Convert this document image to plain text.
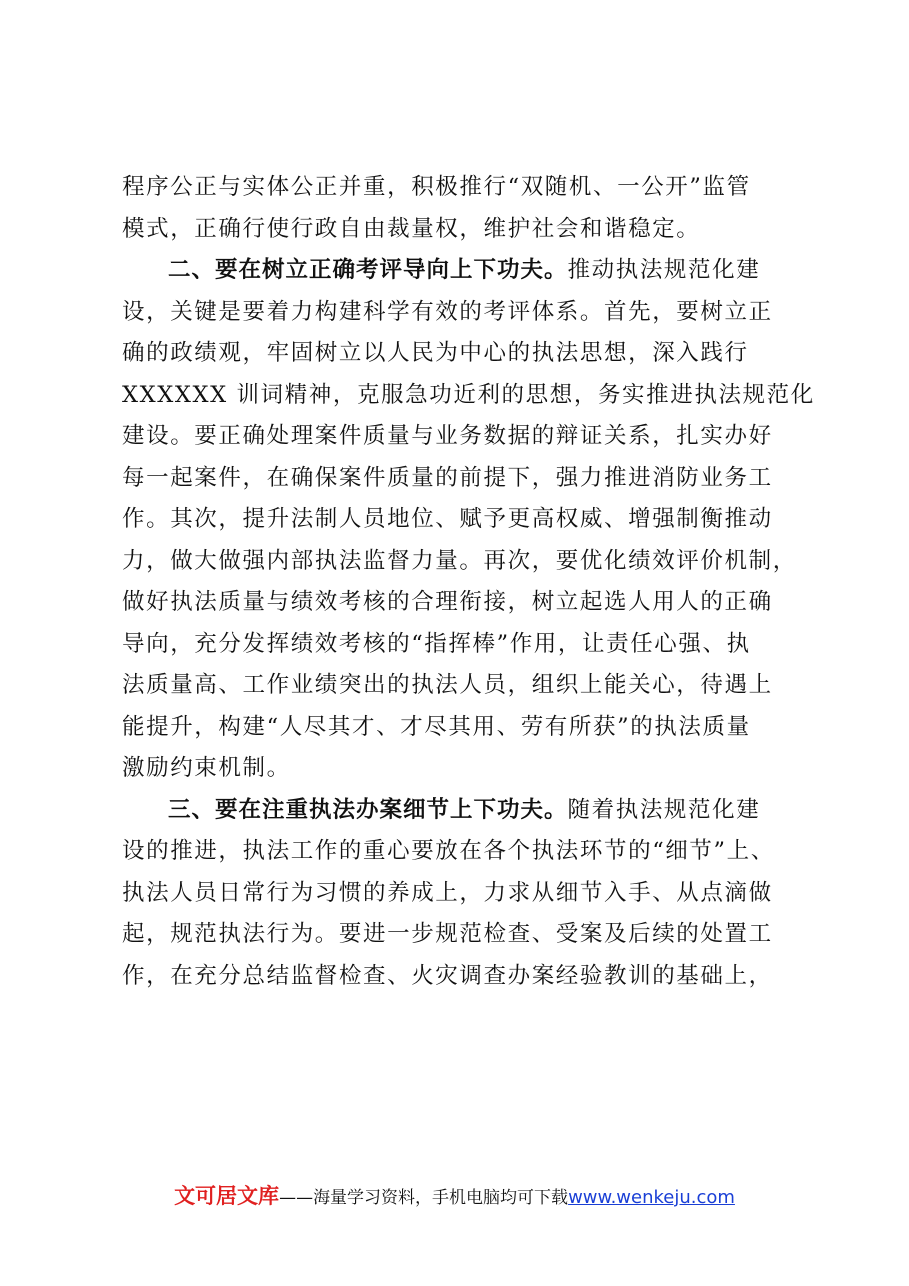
程序公正与实体公正并重，积极推行“双随机、一公开”监管
模式，正确行使行政自由裁量权，维护社会和谐稳定。
二、要在树立正确考评导向上下功夫。推动执法规范化建
设，关键是要着力构建科学有效的考评体系。首先，要树立正
确的政绩观，牢固树立以人民为中心的执法思想，深入践行
XXXXXX 训词精神，克服急功近利的思想，务实推进执法规范化
建设。要正确处理案件质量与业务数据的辩证关系，扎实办好
每一起案件，在确保案件质量的前提下，强力推进消防业务工
作。其次，提升法制人员地位、赋予更高权威、增强制衡推动
力，做大做强内部执法监督力量。再次，要优化绩效评价机制，
做好执法质量与绩效考核的合理衔接，树立起选人用人的正确
导向，充分发挥绩效考核的“指挥棒”作用，让责任心强、执
法质量高、工作业绩突出的执法人员，组织上能关心，待遇上
能提升，构建“人尽其才、才尽其用、劳有所获”的执法质量
激励约束机制。
三、要在注重执法办案细节上下功夫。随着执法规范化建
设的推进，执法工作的重心要放在各个执法环节的“细节”上、
执法人员日常行为习惯的养成上，力求从细节入手、从点滴做
起，规范执法行为。要进一步规范检查、受案及后续的处置工
作，在充分总结监督检查、火灾调查办案经验教训的基础上，
文可居文库——海量学习资料，手机电脑均可下载www.wenkeju.com
